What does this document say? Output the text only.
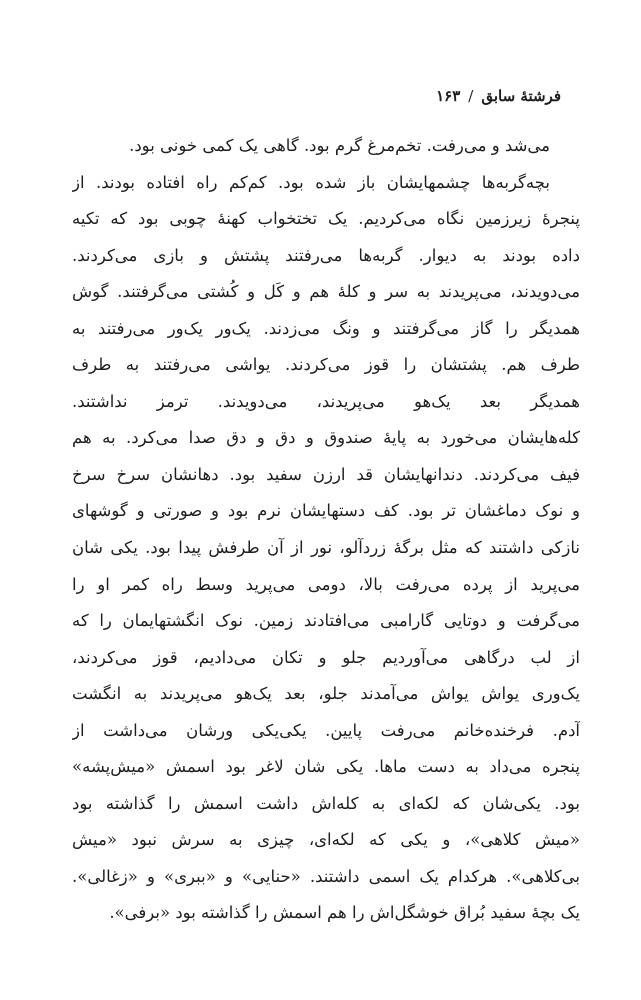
فرشتهٔ سابق/۱۶۳
می‌شد و می‌رفت. تخم‌مرغ گرم بود. گاهی یک کمی خونی بود.
بچه‌گربه‌ها چشمهایشان باز شده بود. کم‌کم راه افتاده بودند. از
پنجرهٔ زیرزمین نگاه می‌کردیم. یک تختخواب کهنهٔ چوبی بود که تکیه
داده بودند به دیوار. گربه‌ها می‌رفتند پشتش و بازی می‌کردند.
می‌دویدند، می‌پریدند به سر و کلهٔ هم و کَل و کُشتی می‌گرفتند. گوش
همدیگر را گاز می‌گرفتند و ونگ می‌زدند. یک‌ور یک‌ور می‌رفتند به
طرف هم. پشتشان را قوز می‌کردند. یواشی می‌رفتند به طرف
همدیگر بعد یک‌هو می‌پریدند، می‌دویدند. ترمز نداشتند.
کله‌هایشان می‌خورد به پایهٔ صندوق و دق و دق صدا می‌کرد. به هم
فیف می‌کردند. دندانهایشان قد ارزن سفید بود. دهانشان سرخ سرخ
و نوک دماغشان تر بود. کف دستهایشان نرم بود و صورتی و گوشهای
نازکی داشتند که مثل برگهٔ زردآلو، نور از آن طرفش پیدا بود. یکی شان
می‌پرید از پرده می‌رفت بالا، دومی می‌پرید وسط راه کمر او را
می‌گرفت و دوتایی گارامبی می‌افتادند زمین. نوک انگشتهایمان را که
از لب درگاهی می‌آوردیم جلو و تکان می‌دادیم، قوز می‌کردند،
یک‌وری یواش یواش می‌آمدند جلو، بعد یک‌هو می‌پریدند به انگشت
آدم. فرخنده‌خانم می‌رفت پایین. یکی‌یکی ورشان می‌داشت از
پنجره می‌داد به دست ماها. یکی شان لاغر بود اسمش «میش‌پشه»
بود. یکی‌شان که لکه‌ای به کله‌اش داشت اسمش را گذاشته بود
«میش کلاهی»، و یکی که لکه‌ای، چیزی به سرش نبود «میش
بی‌کلاهی». هرکدام یک اسمی داشتند. «حنایی» و «ببری» و «زغالی».
یک بچهٔ سفید بُراق خوشگل‌اش را هم اسمش را گذاشته بود «برفی».
